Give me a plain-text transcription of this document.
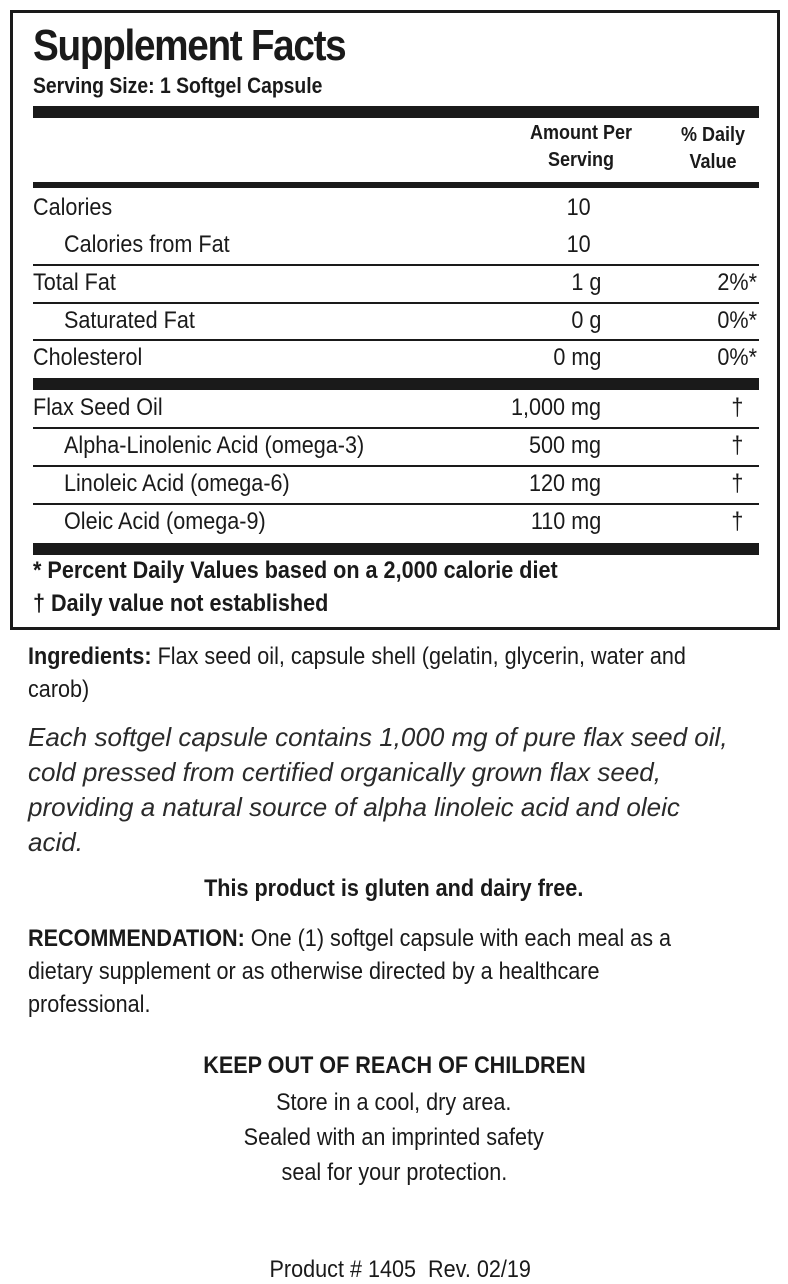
Supplement Facts
Serving Size: 1 Softgel Capsule
Amount Per
Serving
% Daily
Value
Calories	10
Calories from Fat	10
Total Fat	1 g	2%*
Saturated Fat	0 g	0%*
Cholesterol	0 mg	0%*
Flax Seed Oil	1,000 mg	†
Alpha-Linolenic Acid (omega-3)	500 mg	†
Linoleic Acid (omega-6)	120 mg	†
Oleic Acid (omega-9)	110 mg	†
* Percent Daily Values based on a 2,000 calorie diet
† Daily value not established
Ingredients: Flax seed oil, capsule shell (gelatin, glycerin, water and carob)
Each softgel capsule contains 1,000 mg of pure flax seed oil, cold pressed from certified organically grown flax seed, providing a natural source of alpha linoleic acid and oleic acid.
This product is gluten and dairy free.
RECOMMENDATION: One (1) softgel capsule with each meal as a dietary supplement or as otherwise directed by a healthcare professional.
KEEP OUT OF REACH OF CHILDREN
Store in a cool, dry area.
Sealed with an imprinted safety
seal for your protection.

Product # 1405  Rev. 02/19
